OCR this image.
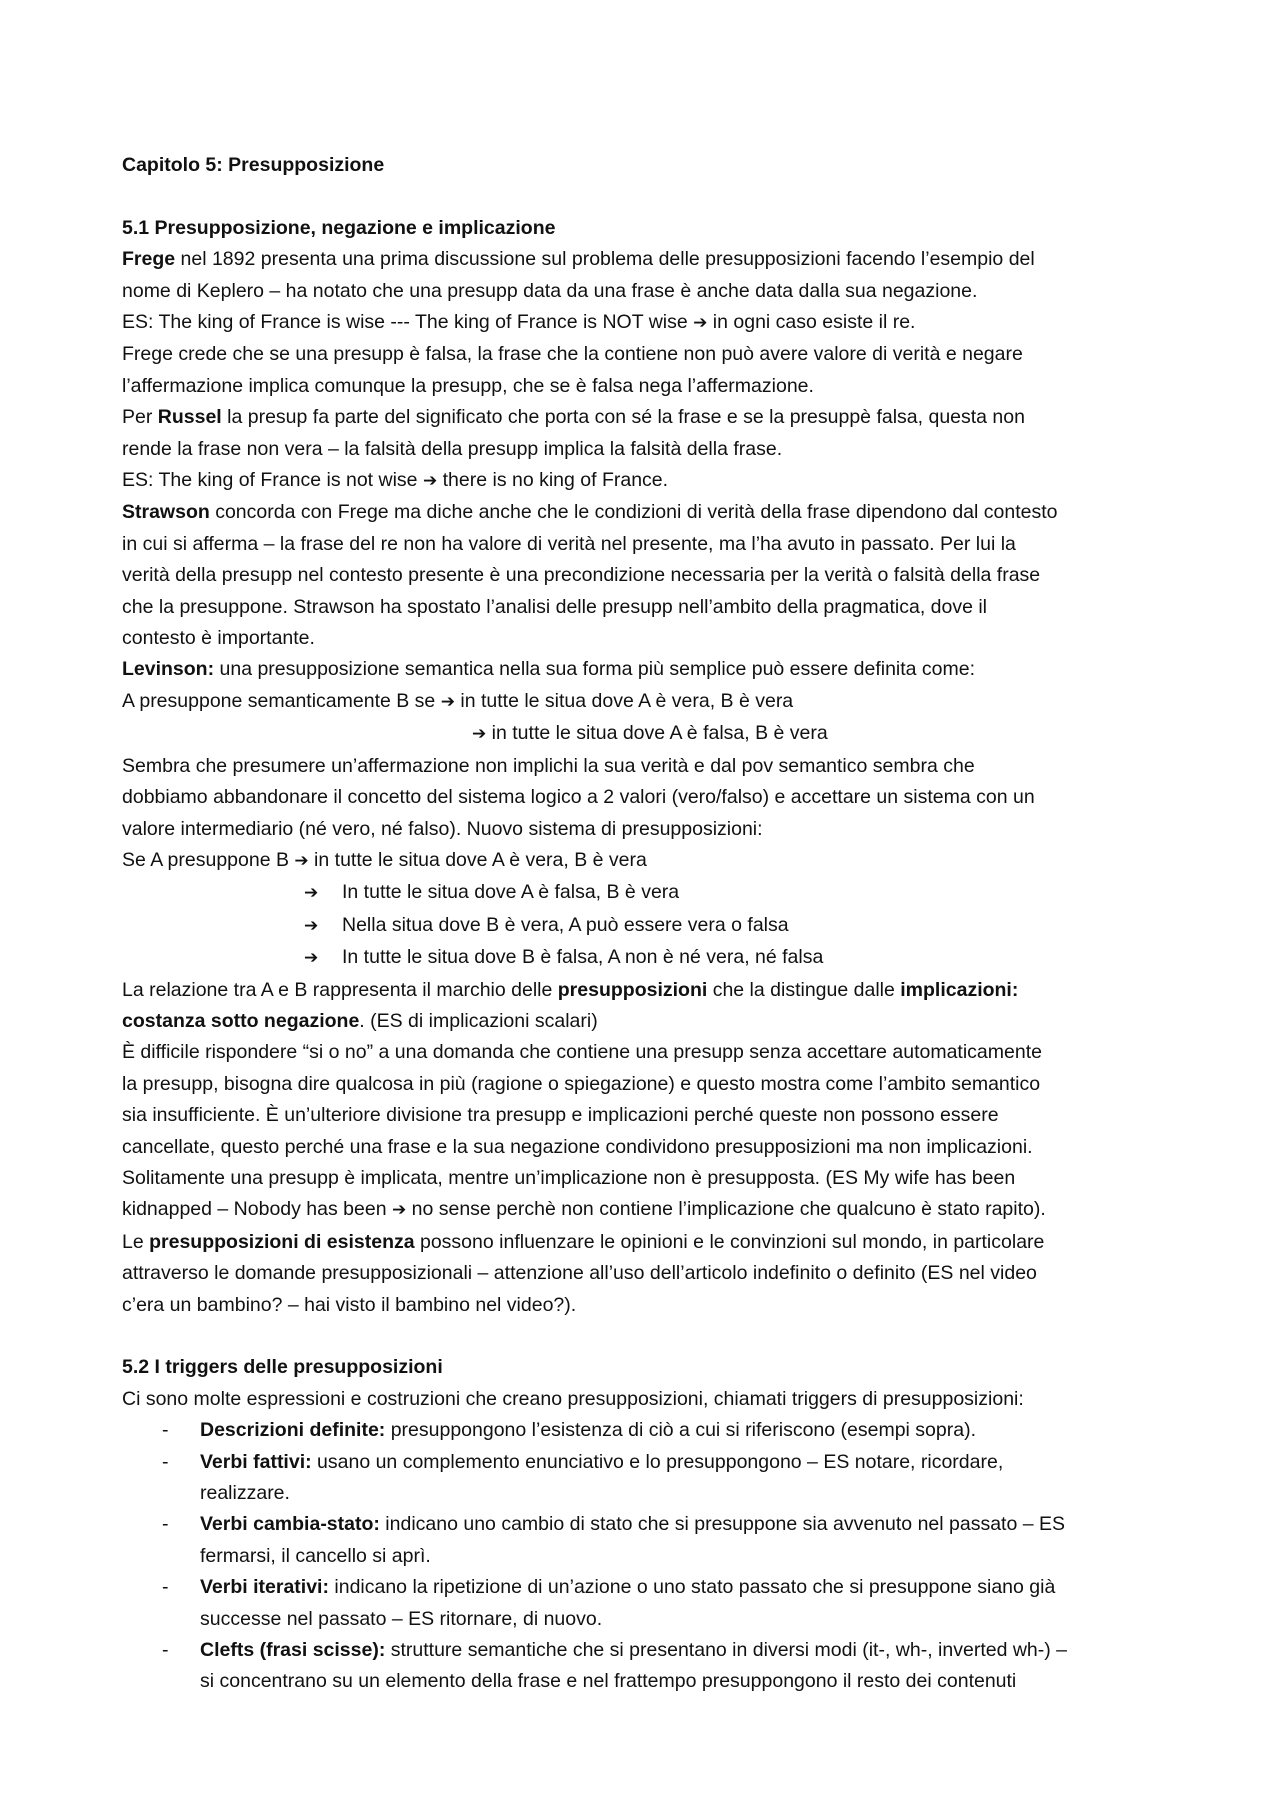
Capitolo 5: Presupposizione
5.1 Presupposizione, negazione e implicazione
Frege nel 1892 presenta una prima discussione sul problema delle presupposizioni facendo l’esempio del
nome di Keplero – ha notato che una presupp data da una frase è anche data dalla sua negazione.
ES: The king of France is wise --- The king of France is NOT wise ➔ in ogni caso esiste il re.
Frege crede che se una presupp è falsa, la frase che la contiene non può avere valore di verità e negare
l’affermazione implica comunque la presupp, che se è falsa nega l’affermazione.
Per Russel la presup fa parte del significato che porta con sé la frase e se la presuppè falsa, questa non
rende la frase non vera – la falsità della presupp implica la falsità della frase.
ES: The king of France is not wise ➔ there is no king of France.
Strawson concorda con Frege ma diche anche che le condizioni di verità della frase dipendono dal contesto
in cui si afferma – la frase del re non ha valore di verità nel presente, ma l’ha avuto in passato. Per lui la
verità della presupp nel contesto presente è una precondizione necessaria per la verità o falsità della frase
che la presuppone. Strawson ha spostato l’analisi delle presupp nell’ambito della pragmatica, dove il
contesto è importante.
Levinson: una presupposizione semantica nella sua forma più semplice può essere definita come:
A presuppone semanticamente B se ➔ in tutte le situa dove A è vera, B è vera
➔ in tutte le situa dove A è falsa, B è vera
Sembra che presumere un’affermazione non implichi la sua verità e dal pov semantico sembra che
dobbiamo abbandonare il concetto del sistema logico a 2 valori (vero/falso) e accettare un sistema con un
valore intermediario (né vero, né falso). Nuovo sistema di presupposizioni:
Se A presuppone B ➔ in tutte le situa dove A è vera, B è vera
➔ In tutte le situa dove A è falsa, B è vera
➔ Nella situa dove B è vera, A può essere vera o falsa
➔ In tutte le situa dove B è falsa, A non è né vera, né falsa
La relazione tra A e B rappresenta il marchio delle presupposizioni che la distingue dalle implicazioni:
costanza sotto negazione. (ES di implicazioni scalari)
È difficile rispondere “si o no” a una domanda che contiene una presupp senza accettare automaticamente
la presupp, bisogna dire qualcosa in più (ragione o spiegazione) e questo mostra come l’ambito semantico
sia insufficiente. È un’ulteriore divisione tra presupp e implicazioni perché queste non possono essere
cancellate, questo perché una frase e la sua negazione condividono presupposizioni ma non implicazioni.
Solitamente una presupp è implicata, mentre un’implicazione non è presupposta. (ES My wife has been
kidnapped – Nobody has been ➔ no sense perchè non contiene l’implicazione che qualcuno è stato rapito).
Le presupposizioni di esistenza possono influenzare le opinioni e le convinzioni sul mondo, in particolare
attraverso le domande presupposizionali – attenzione all’uso dell’articolo indefinito o definito (ES nel video
c’era un bambino? – hai visto il bambino nel video?).
5.2 I triggers delle presupposizioni
Ci sono molte espressioni e costruzioni che creano presupposizioni, chiamati triggers di presupposizioni:
- Descrizioni definite: presuppongono l’esistenza di ciò a cui si riferiscono (esempi sopra).
- Verbi fattivi: usano un complemento enunciativo e lo presuppongono – ES notare, ricordare,
realizzare.
- Verbi cambia-stato: indicano uno cambio di stato che si presuppone sia avvenuto nel passato – ES
fermarsi, il cancello si aprì.
- Verbi iterativi: indicano la ripetizione di un’azione o uno stato passato che si presuppone siano già
successe nel passato – ES ritornare, di nuovo.
- Clefts (frasi scisse): strutture semantiche che si presentano in diversi modi (it-, wh-, inverted wh-) –
si concentrano su un elemento della frase e nel frattempo presuppongono il resto dei contenuti
